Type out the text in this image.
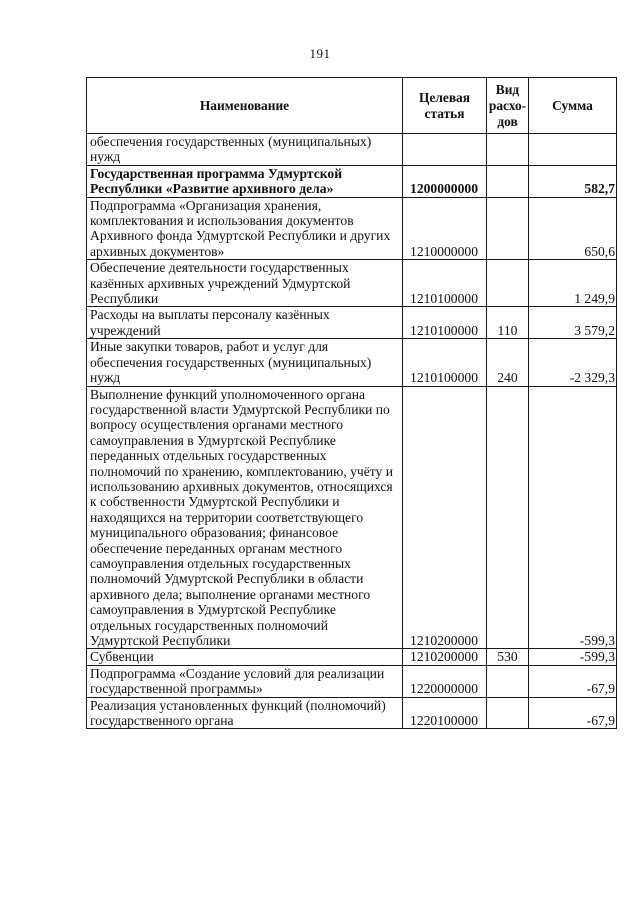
191
Наименование	Целевая статья	Вид расхо-дов	Сумма
обеспечения государственных (муниципальных) нужд			
Государственная программа Удмуртской Республики «Развитие архивного дела»	1200000000		582,7
Подпрограмма «Организация хранения, комплектования и использования документов Архивного фонда Удмуртской Республики и других архивных документов»	1210000000		650,6
Обеспечение деятельности государственных казённых архивных учреждений Удмуртской Республики	1210100000		1 249,9
Расходы на выплаты персоналу казённых учреждений	1210100000	110	3 579,2
Иные закупки товаров, работ и услуг для обеспечения государственных (муниципальных) нужд	1210100000	240	-2 329,3
Выполнение функций уполномоченного органа государственной власти Удмуртской Республики по вопросу осуществления органами местного самоуправления в Удмуртской Республике переданных отдельных государственных полномочий по хранению, комплектованию, учёту и использованию архивных документов, относящихся к собственности Удмуртской Республики и находящихся на территории соответствующего муниципального образования; финансовое обеспечение переданных органам местного самоуправления отдельных государственных полномочий Удмуртской Республики в области архивного дела; выполнение органами местного самоуправления в Удмуртской Республике отдельных государственных полномочий Удмуртской Республики	1210200000		-599,3
Субвенции	1210200000	530	-599,3
Подпрограмма «Создание условий для реализации государственной программы»	1220000000		-67,9
Реализация установленных функций (полномочий) государственного органа	1220100000		-67,9
